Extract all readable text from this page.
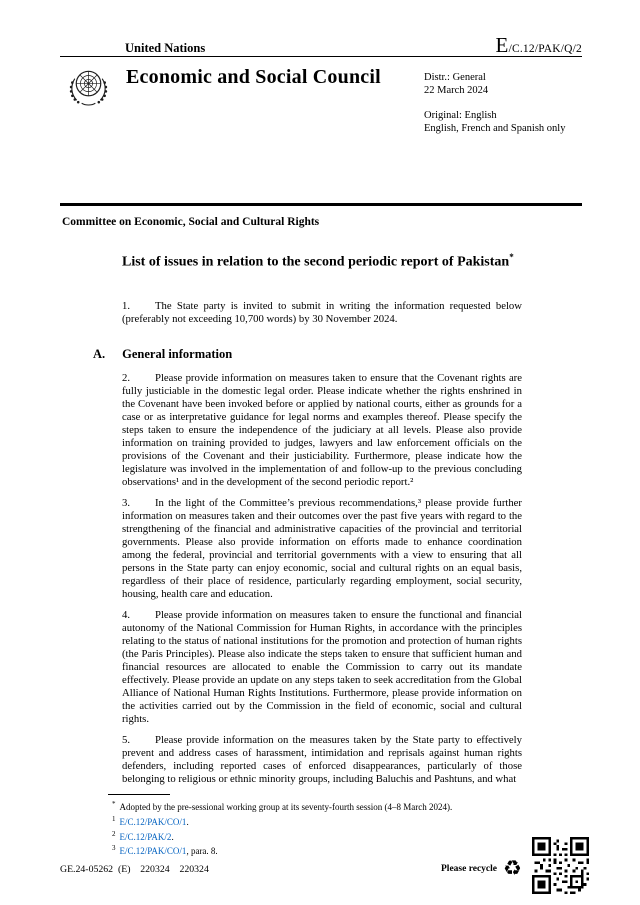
United Nations	E/C.12/PAK/Q/2
Economic and Social Council	Distr.: General
22 March 2024
Original: English
English, French and Spanish only
Committee on Economic, Social and Cultural Rights
List of issues in relation to the second periodic report of Pakistan*

1. The State party is invited to submit in writing the information requested below (preferably not exceeding 10,700 words) by 30 November 2024.

A. General information

2. Please provide information on measures taken to ensure that the Covenant rights are fully justiciable in the domestic legal order. Please indicate whether the rights enshrined in the Covenant have been invoked before or applied by national courts, either as grounds for a case or as interpretative guidance for legal norms and examples thereof. Please specify the steps taken to ensure the independence of the judiciary at all levels. Please also provide information on training provided to judges, lawyers and law enforcement officials on the provisions of the Covenant and their justiciability. Furthermore, please indicate how the legislature was involved in the implementation of and follow-up to the previous concluding observations¹ and in the development of the second periodic report.²

3. In the light of the Committee’s previous recommendations,³ please provide further information on measures taken and their outcomes over the past five years with regard to the strengthening of the financial and administrative capacities of the provincial and territorial governments. Please also provide information on efforts made to enhance coordination among the federal, provincial and territorial governments with a view to ensuring that all persons in the State party can enjoy economic, social and cultural rights on an equal basis, regardless of their place of residence, particularly regarding employment, social security, housing, health care and education.

4. Please provide information on measures taken to ensure the functional and financial autonomy of the National Commission for Human Rights, in accordance with the principles relating to the status of national institutions for the promotion and protection of human rights (the Paris Principles). Please also indicate the steps taken to ensure that sufficient human and financial resources are allocated to enable the Commission to carry out its mandate effectively. Please provide an update on any steps taken to seek accreditation from the Global Alliance of National Human Rights Institutions. Furthermore, please provide information on the activities carried out by the Commission in the field of economic, social and cultural rights.

5. Please provide information on the measures taken by the State party to effectively prevent and address cases of harassment, intimidation and reprisals against human rights defenders, including reported cases of enforced disappearances, particularly of those belonging to religious or ethnic minority groups, including Baluchis and Pashtuns, and what

* Adopted by the pre-sessional working group at its seventy-fourth session (4–8 March 2024).
$^1$ E/C.12/PAK/CO/1.
$^2$ E/C.12/PAK/2.
$^3$ E/C.12/PAK/CO/1, para. 8.
GE.24-05262  (E)    220324    220324	Please recycle ♻
